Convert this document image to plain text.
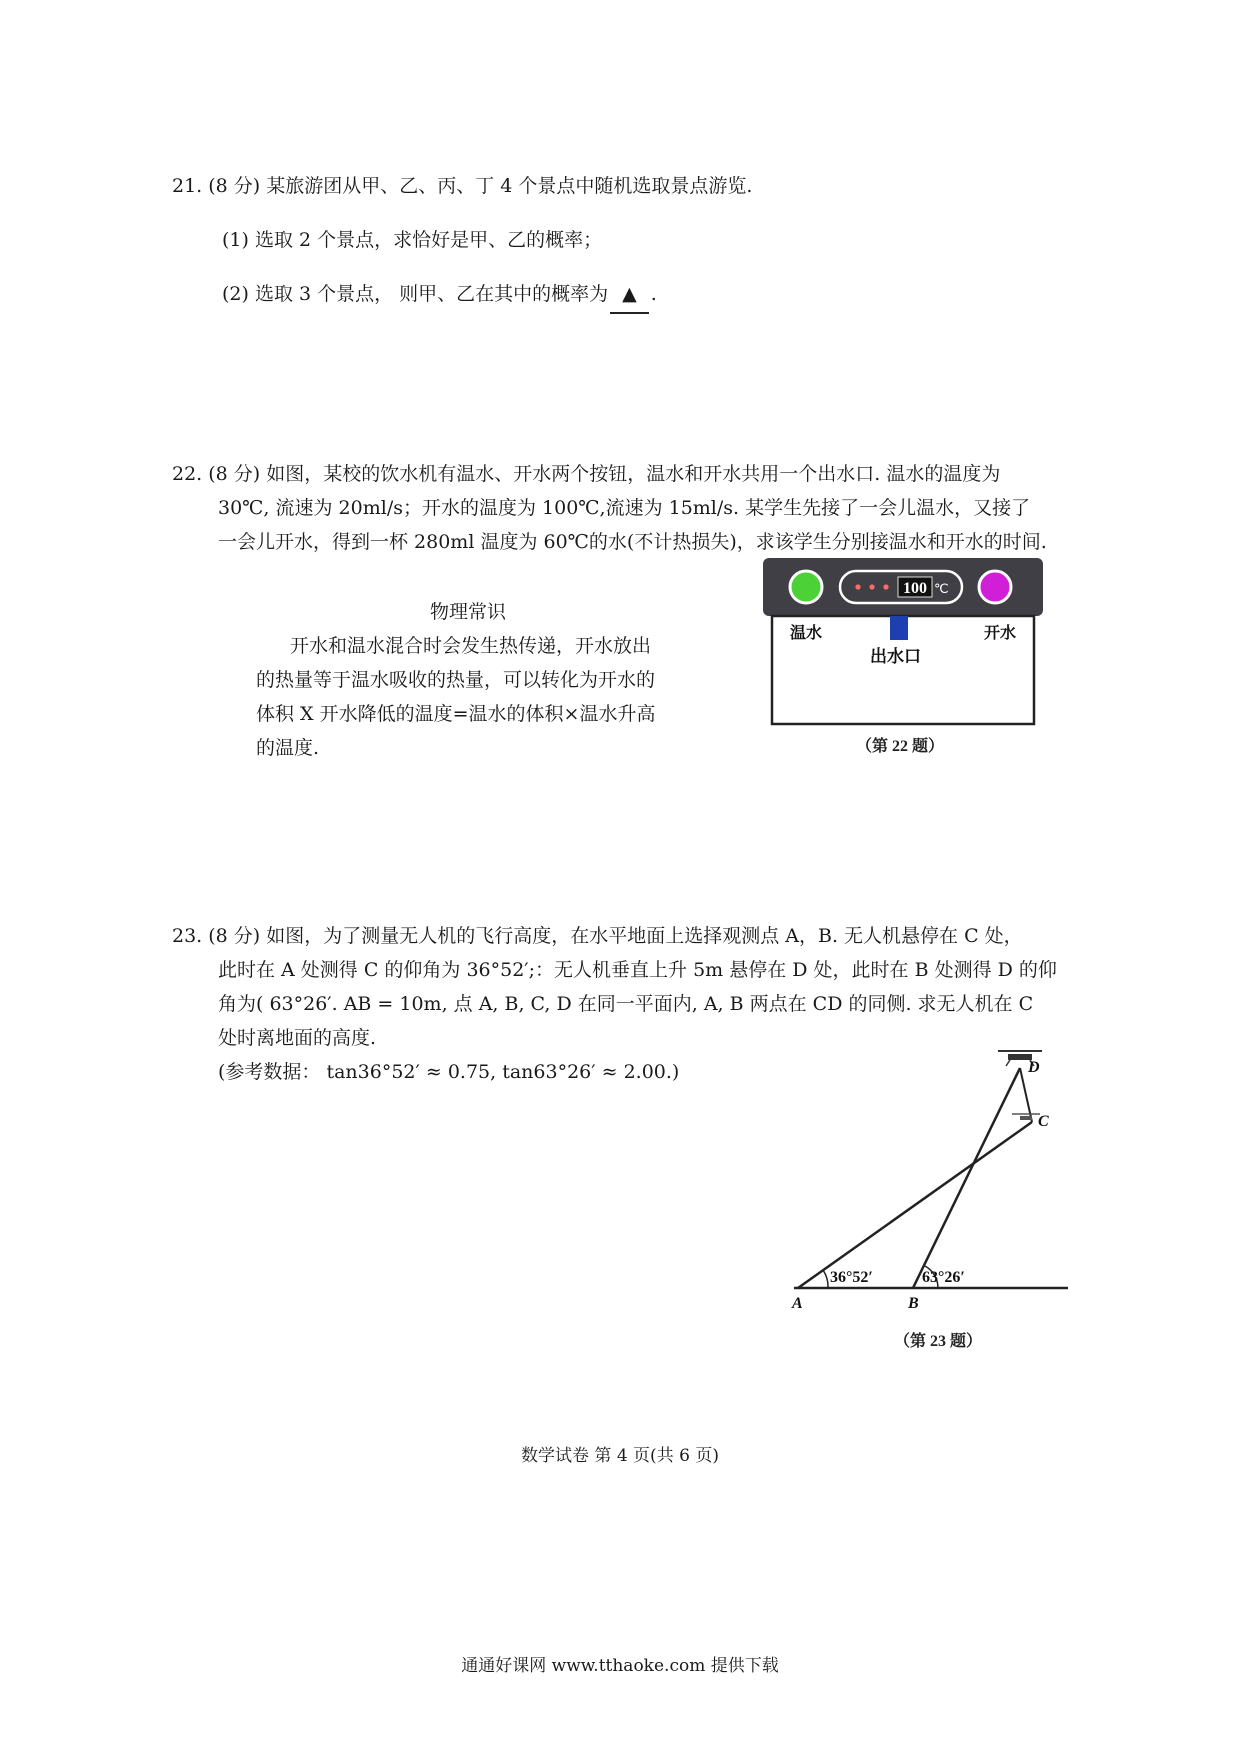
21. (8 分) 某旅游团从甲、乙、丙、丁 4 个景点中随机选取景点游览.
(1) 选取 2 个景点，求恰好是甲、乙的概率；
(2) 选取 3 个景点， 则甲、乙在其中的概率为 ▲ .
22. (8 分) 如图，某校的饮水机有温水、开水两个按钮，温水和开水共用一个出水口. 温水的温度为
30℃, 流速为 20ml/s；开水的温度为 100℃,流速为 15ml/s. 某学生先接了一会儿温水，又接了
一会儿开水，得到一杯 280ml 温度为 60℃的水(不计热损失)，求该学生分别接温水和开水的时间.
物理常识
开水和温水混合时会发生热传递，开水放出
的热量等于温水吸收的热量，可以转化为开水的
体积 X 开水降低的温度=温水的体积×温水升高
的温度.
100 ℃
温水	开水
出水口
（第 22 题）
23. (8 分) 如图，为了测量无人机的飞行高度，在水平地面上选择观测点 A，B. 无人机悬停在 C 处，
此时在 A 处测得 C 的仰角为 36°52′;：无人机垂直上升 5m 悬停在 D 处，此时在 B 处测得 D 的仰
角为( 63°26′. AB = 10m, 点 A, B, C, D 在同一平面内, A, B 两点在 CD 的同侧. 求无人机在 C
处时离地面的高度.
(参考数据： tan36°52′ ≈ 0.75, tan63°26′ ≈ 2.00.)
36°52′	63°26′
A	B
C
D
（第 23 题）
数学试卷 第 4 页(共 6 页)
通通好课网 www.tthaoke.com 提供下载
